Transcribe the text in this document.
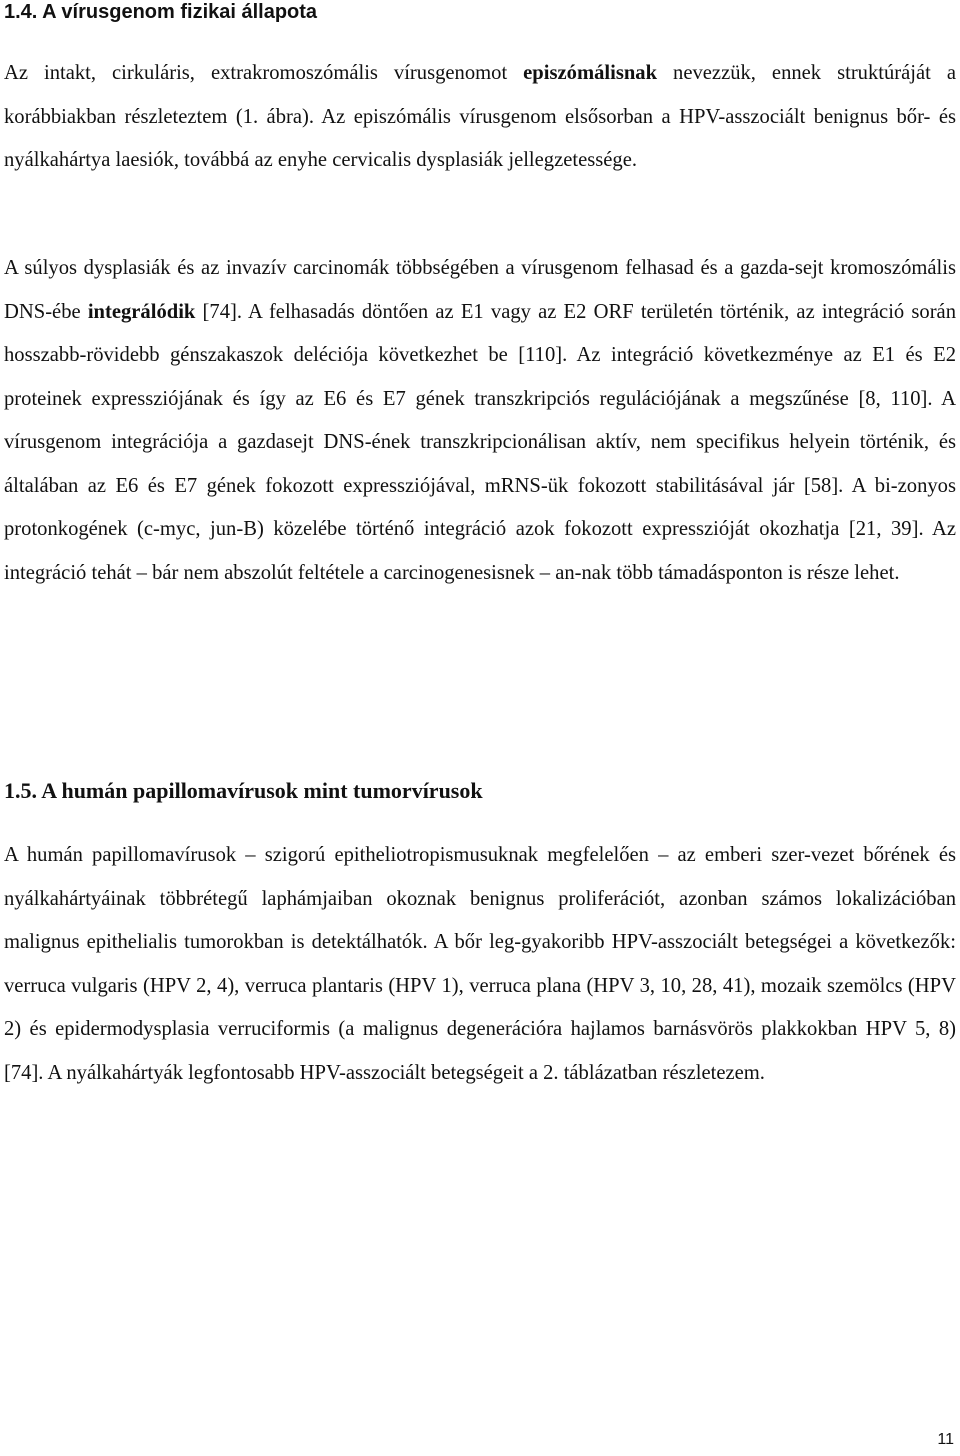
1.4. A vírusgenom fizikai állapota

Az intakt, cirkuláris, extrakromoszómális vírusgenomot episzómálisnak nevezzük, ennek struktúráját a korábbiakban részleteztem (1. ábra). Az episzómális vírusgenom elsősorban a HPV-asszociált benignus bőr- és nyálkahártya laesiók, továbbá az enyhe cervicalis dysplasiák jellegzetessége.

A súlyos dysplasiák és az invazív carcinomák többségében a vírusgenom felhasad és a gazda-sejt kromoszómális DNS-ébe integrálódik [74]. A felhasadás döntően az E1 vagy az E2 ORF területén történik, az integráció során hosszabb-rövidebb génszakaszok deléciója következhet be [110]. Az integráció következménye az E1 és E2 proteinek expressziójának és így az E6 és E7 gének transzkripciós regulációjának a megszűnése [8, 110]. A vírusgenom integrációja a gazdasejt DNS-ének transzkripcionálisan aktív, nem specifikus helyein történik, és általában az E6 és E7 gének fokozott expressziójával, mRNS-ük fokozott stabilitásával jár [58]. A bi-zonyos protonkogének (c-myc, jun-B) közelébe történő integráció azok fokozott expresszióját okozhatja [21, 39]. Az integráció tehát – bár nem abszolút feltétele a carcinogenesisnek – an-nak több támadásponton is része lehet.

1.5. A humán papillomavírusok mint tumorvírusok

A humán papillomavírusok – szigorú epitheliotropismusuknak megfelelően – az emberi szer-vezet bőrének és nyálkahártyáinak többrétegű laphámjaiban okoznak benignus proliferációt, azonban számos lokalizációban malignus epithelialis tumorokban is detektálhatók. A bőr leg-gyakoribb HPV-asszociált betegségei a következők: verruca vulgaris (HPV 2, 4), verruca plantaris (HPV 1), verruca plana (HPV 3, 10, 28, 41), mozaik szemölcs (HPV 2) és epidermodysplasia verruciformis (a malignus degenerációra hajlamos barnásvörös plakkokban HPV 5, 8) [74]. A nyálkahártyák legfontosabb HPV-asszociált betegségeit a 2. táblázatban részletezem.

11
